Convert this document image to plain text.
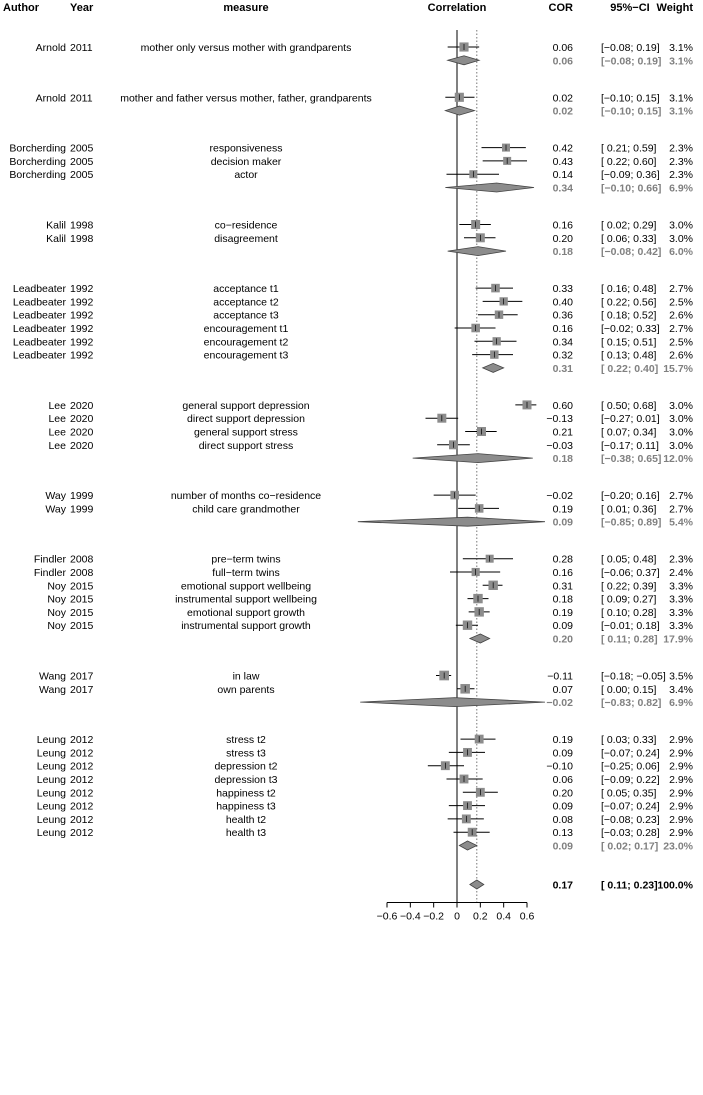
Author	Year	measure	Correlation	COR	95%−CI Weight
Arnold 2011	mother only versus mother with grandparents	0.06	[−0.08; 0.19] 3.1%
0.06	[−0.08; 0.19] 3.1%
Arnold 2011	mother and father versus mother, father, grandparents	0.02	[−0.10; 0.15] 3.1%
0.02	[−0.10; 0.15] 3.1%
Borcherding 2005	responsiveness	0.42	[ 0.21; 0.59] 2.3%
Borcherding 2005	decision maker	0.43	[ 0.22; 0.60] 2.3%
Borcherding 2005	actor	0.14	[−0.09; 0.36] 2.3%
0.34	[−0.10; 0.66] 6.9%
Kalil 1998	co−residence	0.16	[ 0.02; 0.29] 3.0%
Kalil 1998	disagreement	0.20	[ 0.06; 0.33] 3.0%
0.18	[−0.08; 0.42] 6.0%
Leadbeater 1992	acceptance t1	0.33	[ 0.16; 0.48] 2.7%
Leadbeater 1992	acceptance t2	0.40	[ 0.22; 0.56] 2.5%
Leadbeater 1992	acceptance t3	0.36	[ 0.18; 0.52] 2.6%
Leadbeater 1992	encouragement t1	0.16	[−0.02; 0.33] 2.7%
Leadbeater 1992	encouragement t2	0.34	[ 0.15; 0.51] 2.5%
Leadbeater 1992	encouragement t3	0.32	[ 0.13; 0.48] 2.6%
0.31	[ 0.22; 0.40] 15.7%
Lee 2020	general support depression	0.60	[ 0.50; 0.68] 3.0%
Lee 2020	direct support depression	−0.13	[−0.27; 0.01] 3.0%
Lee 2020	general support stress	0.21	[ 0.07; 0.34] 3.0%
Lee 2020	direct support stress	−0.03	[−0.17; 0.11] 3.0%
0.18	[−0.38; 0.65] 12.0%
Way 1999	number of months co−residence	−0.02	[−0.20; 0.16] 2.7%
Way 1999	child care grandmother	0.19	[ 0.01; 0.36] 2.7%
0.09	[−0.85; 0.89] 5.4%
Findler 2008	pre−term twins	0.28	[ 0.05; 0.48] 2.3%
Findler 2008	full−term twins	0.16	[−0.06; 0.37] 2.4%
Noy 2015	emotional support wellbeing	0.31	[ 0.22; 0.39] 3.3%
Noy 2015	instrumental support wellbeing	0.18	[ 0.09; 0.27] 3.3%
Noy 2015	emotional support growth	0.19	[ 0.10; 0.28] 3.3%
Noy 2015	instrumental support growth	0.09	[−0.01; 0.18] 3.3%
0.20	[ 0.11; 0.28] 17.9%
Wang 2017	in law	−0.11	[−0.18; −0.05] 3.5%
Wang 2017	own parents	0.07	[ 0.00; 0.15] 3.4%
−0.02	[−0.83; 0.82] 6.9%
Leung 2012	stress t2	0.19	[ 0.03; 0.33] 2.9%
Leung 2012	stress t3	0.09	[−0.07; 0.24] 2.9%
Leung 2012	depression t2	−0.10	[−0.25; 0.06] 2.9%
Leung 2012	depression t3	0.06	[−0.09; 0.22] 2.9%
Leung 2012	happiness t2	0.20	[ 0.05; 0.35] 2.9%
Leung 2012	happiness t3	0.09	[−0.07; 0.24] 2.9%
Leung 2012	health t2	0.08	[−0.08; 0.23] 2.9%
Leung 2012	health t3	0.13	[−0.03; 0.28] 2.9%
0.09	[ 0.02; 0.17] 23.0%
0.17	[ 0.11; 0.23] 100.0%
−0.6 −0.4 −0.2 0 0.2 0.4 0.6
